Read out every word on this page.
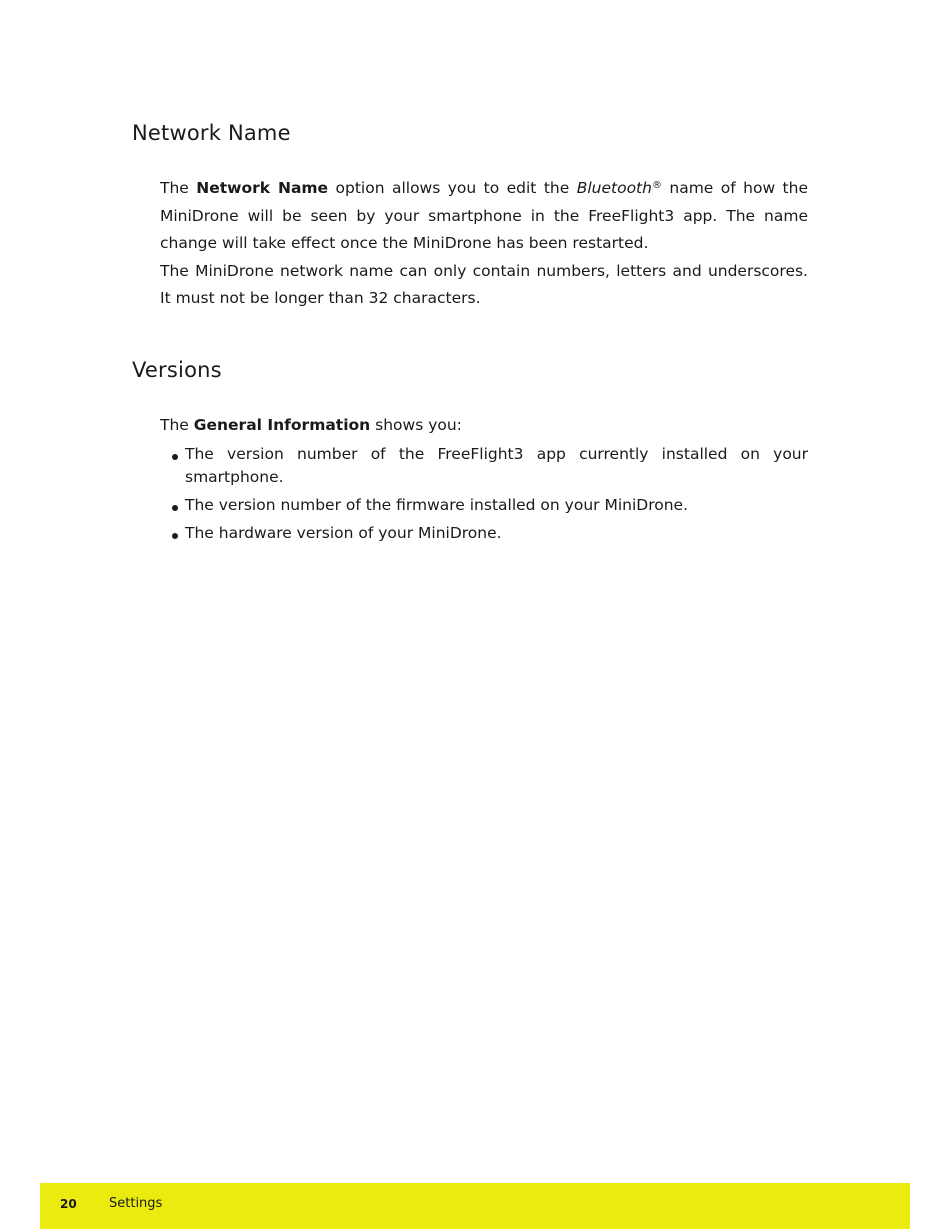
Network Name

The Network Name option allows you to edit the Bluetooth® name of how the MiniDrone will be seen by your smartphone in the FreeFlight3 app. The name change will take effect once the MiniDrone has been restarted.

The MiniDrone network name can only contain numbers, letters and underscores. It must not be longer than 32 characters.

Versions

The General Information shows you:

The version number of the FreeFlight3 app currently installed on your smartphone.
The version number of the firmware installed on your MiniDrone.
The hardware version of your MiniDrone.
20 Settings
